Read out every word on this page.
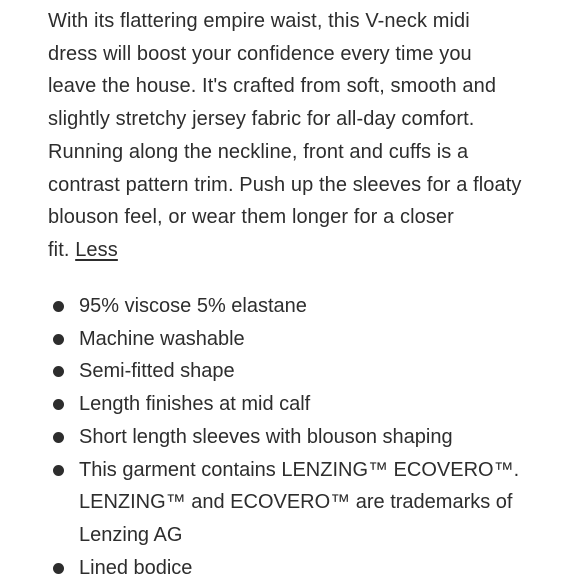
With its flattering empire waist, this V-neck midi
dress will boost your confidence every time you
leave the house. It's crafted from soft, smooth and
slightly stretchy jersey fabric for all-day comfort.
Running along the neckline, front and cuffs is a
contrast pattern trim. Push up the sleeves for a floaty
blouson feel, or wear them longer for a closer
fit. Less

95% viscose 5% elastane
Machine washable
Semi-fitted shape
Length finishes at mid calf
Short length sleeves with blouson shaping
This garment contains LENZING™ ECOVERO™.
LENZING™ and ECOVERO™ are trademarks of
Lenzing AG
Lined bodice
